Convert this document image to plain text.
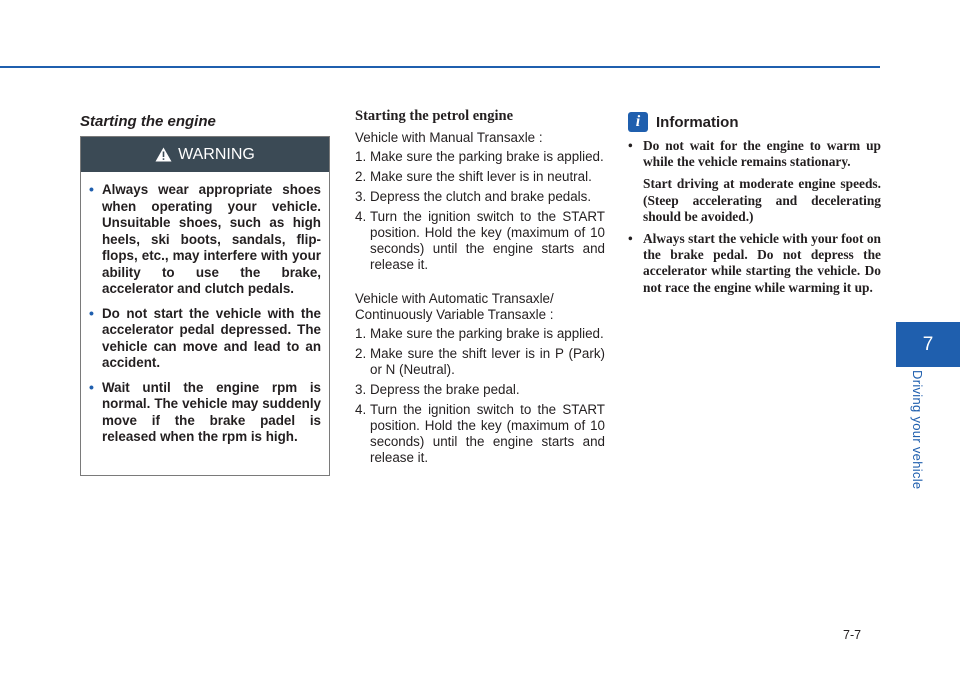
Starting the engine
WARNING
• Always wear appropriate shoes when operating your vehicle. Unsuitable shoes, such as high heels, ski boots, sandals, flip-flops, etc., may interfere with your ability to use the brake, accelerator and clutch pedals.
• Do not start the vehicle with the accelerator pedal depressed. The vehicle can move and lead to an accident.
• Wait until the engine rpm is normal. The vehicle may suddenly move if the brake padel is released when the rpm is high.
Starting the petrol engine

Vehicle with Manual Transaxle :

1. Make sure the parking brake is applied.
2. Make sure the shift lever is in neutral.
3. Depress the clutch and brake pedals.
4. Turn the ignition switch to the START position. Hold the key (maximum of 10 seconds) until the engine starts and release it.

Vehicle with Automatic Transaxle/ Continuously Variable Transaxle :

1. Make sure the parking brake is applied.
2. Make sure the shift lever is in P (Park) or N (Neutral).
3. Depress the brake pedal.
4. Turn the ignition switch to the START position. Hold the key (maximum of 10 seconds) until the engine starts and release it.
i	Information
• Do not wait for the engine to warm up while the vehicle remains stationary.

Start driving at moderate engine speeds. (Steep accelerating and decelerating should be avoided.)

• Always start the vehicle with your foot on the brake pedal. Do not depress the accelerator while starting the vehicle. Do not race the engine while warming it up.

7
Driving your vehicle
7-7
